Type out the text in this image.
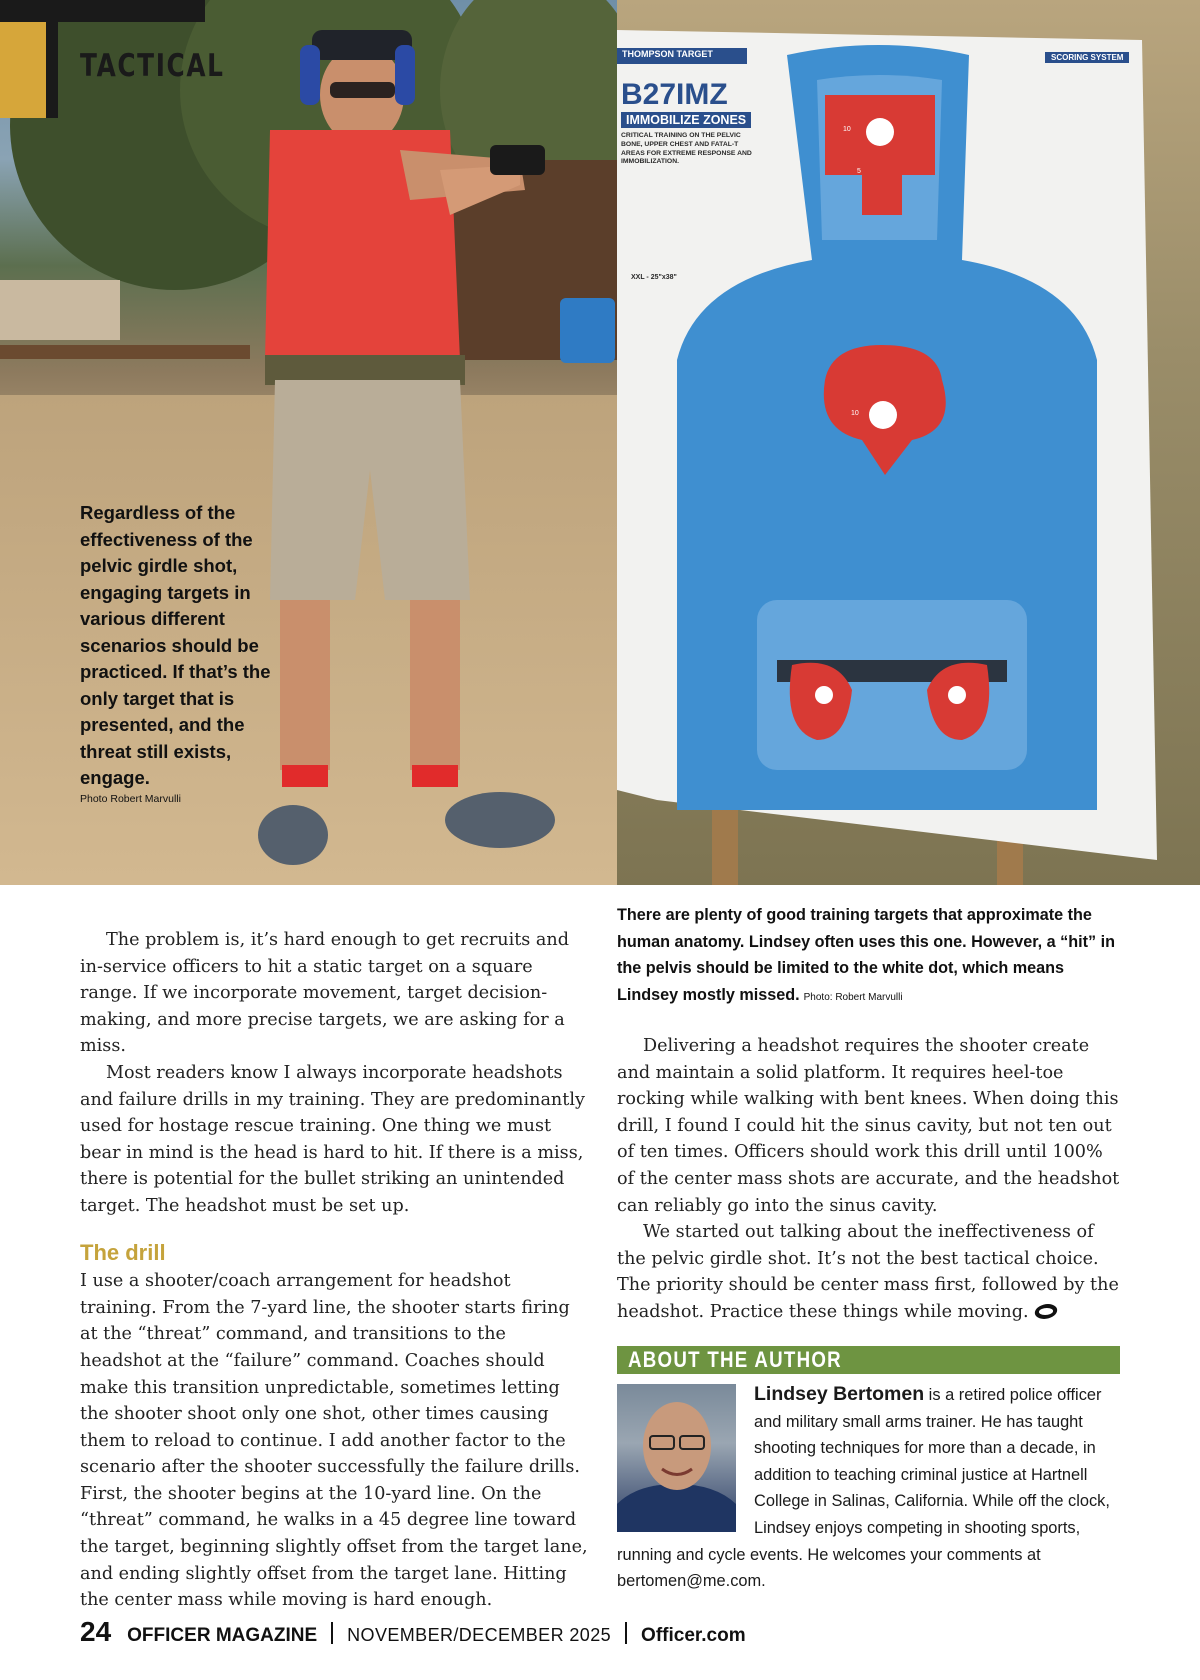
TACTICAL
Regardless of the effectiveness of the pelvic girdle shot, engaging targets in various different scenarios should be practiced. If that’s the only target that is presented, and the threat still exists, engage.
Photo Robert Marvulli
THOMPSON TARGET
B27IMZ
IMMOBILIZE ZONES
CRITICAL TRAINING ON THE PELVIC BONE, UPPER CHEST AND FATAL-T AREAS FOR EXTREME RESPONSE AND IMMOBILIZATION.
XXL - 25"x38"
SCORING SYSTEM
10
10
5
There are plenty of good training targets that approximate the human anatomy. Lindsey often uses this one. However, a “hit” in the pelvis should be limited to the white dot, which means Lindsey mostly missed. Photo: Robert Marvulli

The problem is, it’s hard enough to get recruits and in-service officers to hit a static target on a square range. If we incorporate movement, target decision-making, and more precise targets, we are asking for a miss.

Most readers know I always incorporate headshots and failure drills in my training. They are predominantly used for hostage rescue training. One thing we must bear in mind is the head is hard to hit. If there is a miss, there is potential for the bullet striking an unintended target. The headshot must be set up.

The drill

I use a shooter/coach arrangement for headshot training. From the 7-yard line, the shooter starts firing at the “threat” command, and transitions to the headshot at the “failure” command. Coaches should make this transition unpredictable, sometimes letting the shooter shoot only one shot, other times causing them to reload to continue. I add another factor to the scenario after the shooter successfully the failure drills. First, the shooter begins at the 10-yard line. On the “threat” command, he walks in a 45 degree line toward the target, beginning slightly offset from the target lane, and ending slightly offset from the target lane. Hitting the center mass while moving is hard enough.

Delivering a headshot requires the shooter create and maintain a solid platform. It requires heel-toe rocking while walking with bent knees. When doing this drill, I found I could hit the sinus cavity, but not ten out of ten times. Officers should work this drill until 100% of the center mass shots are accurate, and the headshot can reliably go into the sinus cavity.

We started out talking about the ineffectiveness of the pelvic girdle shot. It’s not the best tactical choice. The priority should be center mass first, followed by the headshot. Practice these things while moving.

ABOUT THE AUTHOR
Lindsey Bertomen is a retired police officer and military small arms trainer. He has taught shooting techniques for more than a decade, in addition to teaching criminal justice at Hartnell College in Salinas, California. While off the clock, Lindsey enjoys competing in shooting sports, running and cycle events. He welcomes your comments at bertomen@me.com.
24 OFFICER MAGAZINE NOVEMBER/DECEMBER 2025 Officer.com
